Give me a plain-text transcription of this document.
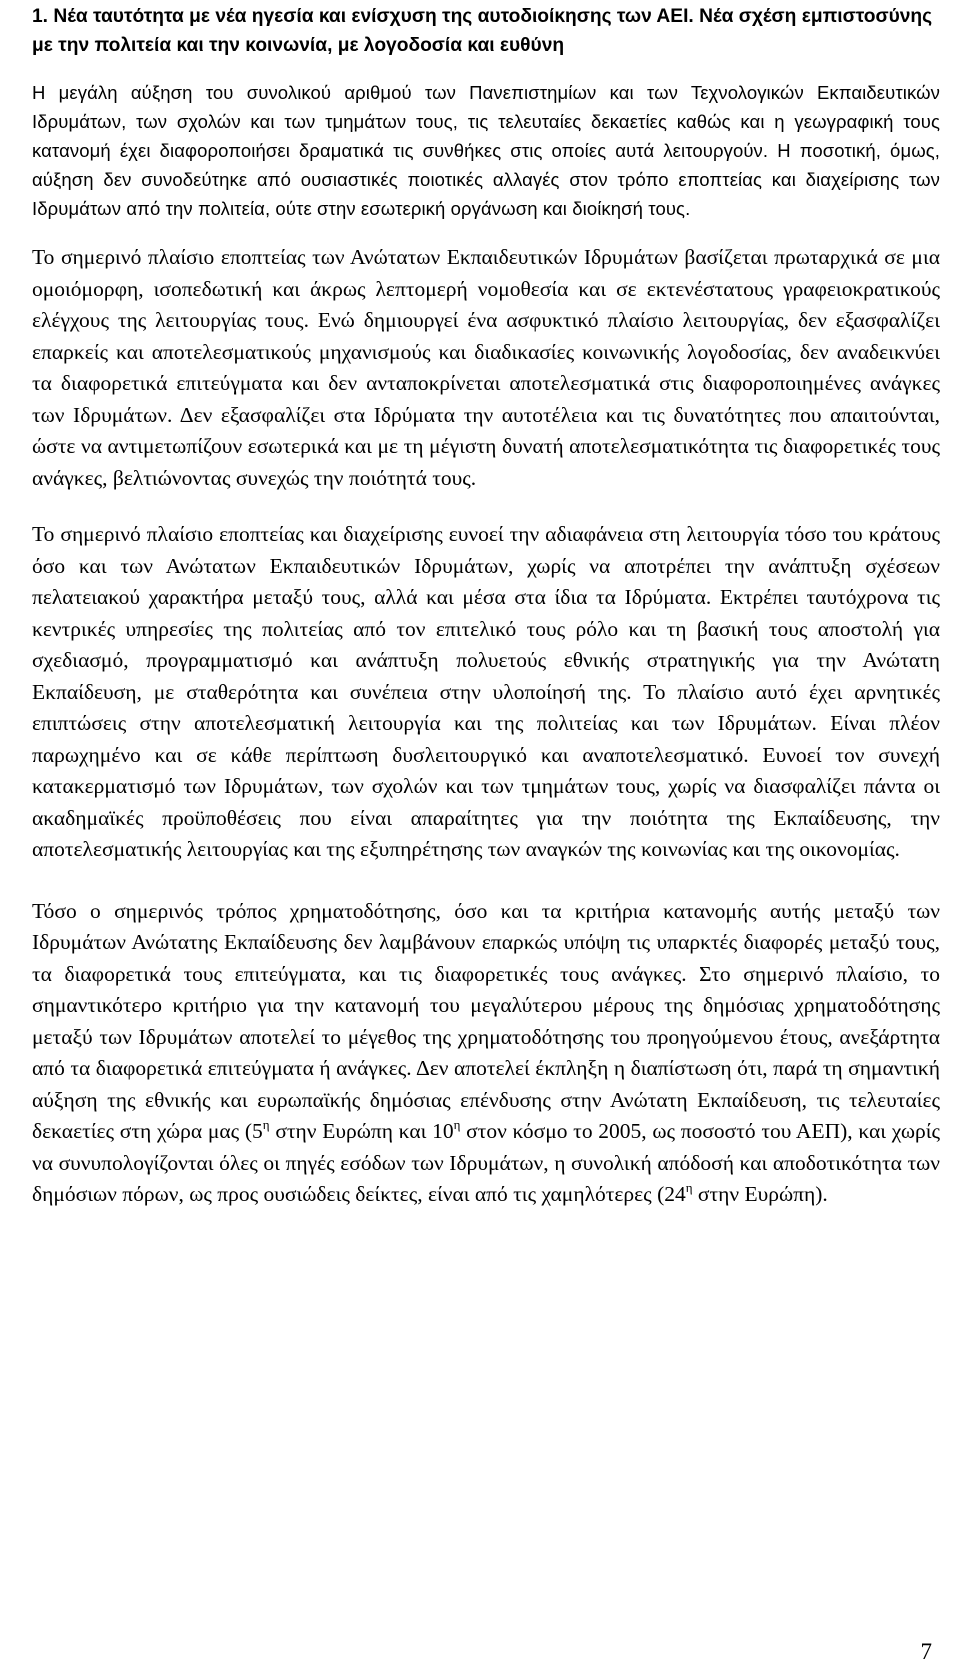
1. Νέα ταυτότητα με νέα ηγεσία και ενίσχυση της αυτοδιοίκησης των ΑΕΙ. Νέα σχέση εμπιστοσύνης με την πολιτεία και την κοινωνία, με λογοδοσία και ευθύνη

Η μεγάλη αύξηση του συνολικού αριθμού των Πανεπιστημίων και των Τεχνολογικών Εκπαιδευτικών Ιδρυμάτων, των σχολών και των τμημάτων τους, τις τελευταίες δεκαετίες καθώς και η γεωγραφική τους κατανομή έχει διαφοροποιήσει δραματικά τις συνθήκες στις οποίες αυτά λειτουργούν. Η ποσοτική, όμως, αύξηση δεν συνοδεύτηκε από ουσιαστικές ποιοτικές αλλαγές στον τρόπο εποπτείας και διαχείρισης των Ιδρυμάτων από την πολιτεία, ούτε στην εσωτερική οργάνωση και διοίκησή τους.

Το σημερινό πλαίσιο εποπτείας των Ανώτατων Εκπαιδευτικών Ιδρυμάτων βασίζεται πρωταρχικά σε μια ομοιόμορφη, ισοπεδωτική και άκρως λεπτομερή νομοθεσία και σε εκτενέστατους γραφειοκρατικούς ελέγχους της λειτουργίας τους. Ενώ δημιουργεί ένα ασφυκτικό πλαίσιο λειτουργίας, δεν εξασφαλίζει επαρκείς και αποτελεσματικούς μηχανισμούς και διαδικασίες κοινωνικής λογοδοσίας, δεν αναδεικνύει τα διαφορετικά επιτεύγματα και δεν ανταποκρίνεται αποτελεσματικά στις διαφοροποιημένες ανάγκες των Ιδρυμάτων. Δεν εξασφαλίζει στα Ιδρύματα την αυτοτέλεια και τις δυνατότητες που απαιτούνται, ώστε να αντιμετωπίζουν εσωτερικά και με τη μέγιστη δυνατή αποτελεσματικότητα τις διαφορετικές τους ανάγκες, βελτιώνοντας συνεχώς την ποιότητά τους.

Το σημερινό πλαίσιο εποπτείας και διαχείρισης ευνοεί την αδιαφάνεια στη λειτουργία τόσο του κράτους όσο και των Ανώτατων Εκπαιδευτικών Ιδρυμάτων, χωρίς να αποτρέπει την ανάπτυξη σχέσεων πελατειακού χαρακτήρα μεταξύ τους, αλλά και μέσα στα ίδια τα Ιδρύματα. Εκτρέπει ταυτόχρονα τις κεντρικές υπηρεσίες της πολιτείας από τον επιτελικό τους ρόλο και τη βασική τους αποστολή για σχεδιασμό, προγραμματισμό και ανάπτυξη πολυετούς εθνικής στρατηγικής για την Ανώτατη Εκπαίδευση, με σταθερότητα και συνέπεια στην υλοποίησή της. Το πλαίσιο αυτό έχει αρνητικές επιπτώσεις στην αποτελεσματική λειτουργία και της πολιτείας και των Ιδρυμάτων. Είναι πλέον παρωχημένο και σε κάθε περίπτωση δυσλειτουργικό και αναποτελεσματικό. Ευνοεί τον συνεχή κατακερματισμό των Ιδρυμάτων, των σχολών και των τμημάτων τους, χωρίς να διασφαλίζει πάντα οι ακαδημαϊκές προϋποθέσεις που είναι απαραίτητες για την ποιότητα της Εκπαίδευσης, την αποτελεσματικής λειτουργίας και της εξυπηρέτησης των αναγκών της κοινωνίας και της οικονομίας.

Τόσο ο σημερινός τρόπος χρηματοδότησης, όσο και τα κριτήρια κατανομής αυτής μεταξύ των Ιδρυμάτων Ανώτατης Εκπαίδευσης δεν λαμβάνουν επαρκώς υπόψη τις υπαρκτές διαφορές μεταξύ τους, τα διαφορετικά τους επιτεύγματα, και τις διαφορετικές τους ανάγκες. Στο σημερινό πλαίσιο, το σημαντικότερο κριτήριο για την κατανομή του μεγαλύτερου μέρους της δημόσιας χρηματοδότησης μεταξύ των Ιδρυμάτων αποτελεί το μέγεθος της χρηματοδότησης του προηγούμενου έτους, ανεξάρτητα από τα διαφορετικά επιτεύγματα ή ανάγκες. Δεν αποτελεί έκπληξη η διαπίστωση ότι, παρά τη σημαντική αύξηση της εθνικής και ευρωπαϊκής δημόσιας επένδυσης στην Ανώτατη Εκπαίδευση, τις τελευταίες δεκαετίες στη χώρα μας ($5^\eta$ στην Ευρώπη και $10^\eta$ στον κόσμο το 2005, ως ποσοστό του ΑΕΠ), και χωρίς να συνυπολογίζονται όλες οι πηγές εσόδων των Ιδρυμάτων, η συνολική απόδοσή και αποδοτικότητα των δημόσιων πόρων, ως προς ουσιώδεις δείκτες, είναι από τις χαμηλότερες ($24^\eta$ στην Ευρώπη).

7
